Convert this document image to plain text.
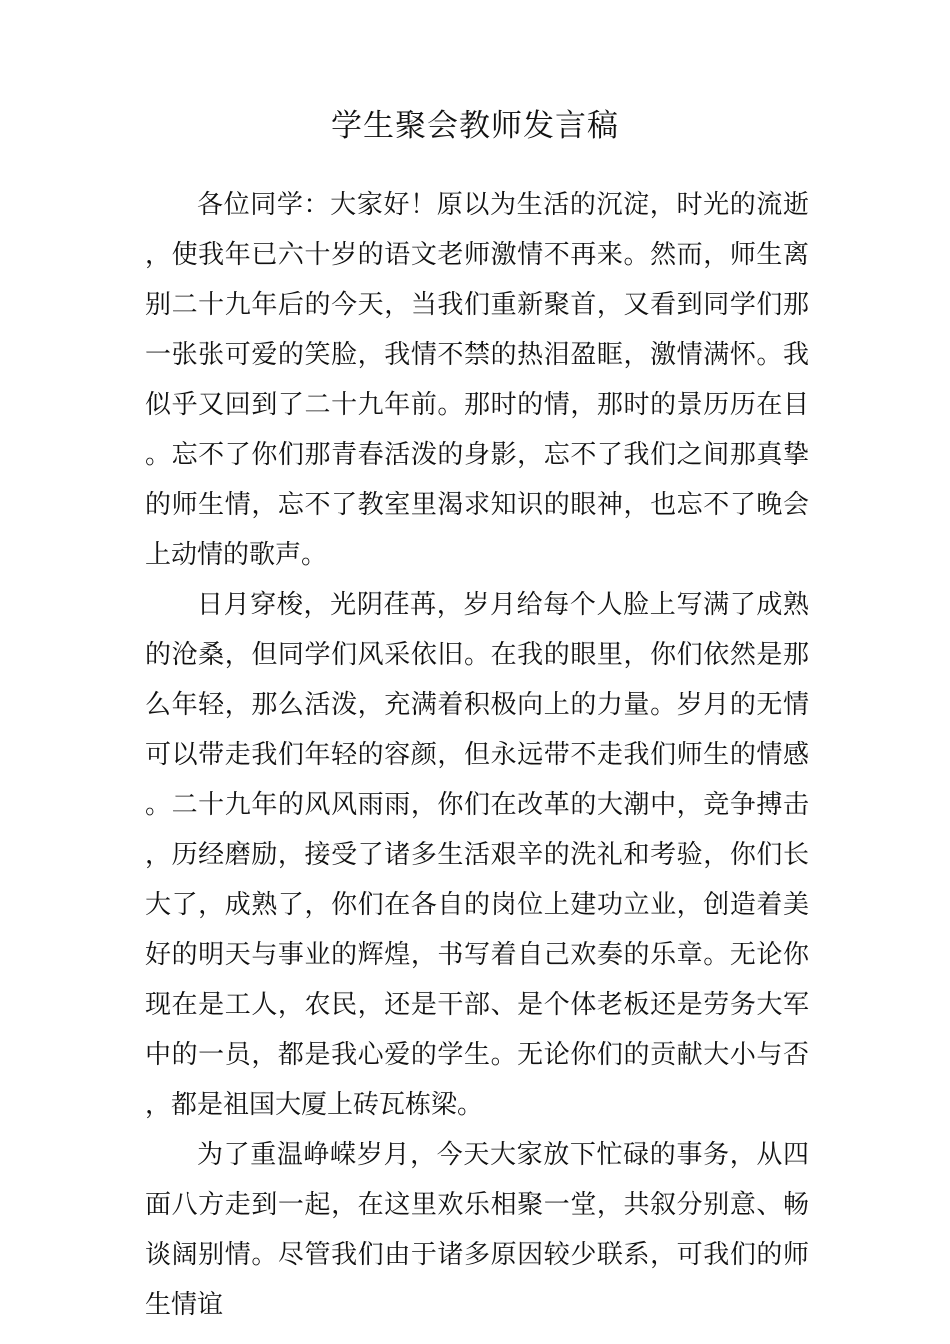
学生聚会教师发言稿

各位同学：大家好！原以为生活的沉淀，时光的流逝，使我年已六十岁的语文老师激情不再来。然而，师生离别二十九年后的今天，当我们重新聚首，又看到同学们那一张张可爱的笑脸，我情不禁的热泪盈眶，激情满怀。我似乎又回到了二十九年前。那时的情，那时的景历历在目。忘不了你们那青春活泼的身影，忘不了我们之间那真挚的师生情，忘不了教室里渴求知识的眼神，也忘不了晚会上动情的歌声。

日月穿梭，光阴荏苒，岁月给每个人脸上写满了成熟的沧桑，但同学们风采依旧。在我的眼里，你们依然是那么年轻，那么活泼，充满着积极向上的力量。岁月的无情可以带走我们年轻的容颜，但永远带不走我们师生的情感。二十九年的风风雨雨，你们在改革的大潮中，竞争搏击，历经磨励，接受了诸多生活艰辛的洗礼和考验，你们长大了，成熟了，你们在各自的岗位上建功立业，创造着美好的明天与事业的辉煌，书写着自己欢奏的乐章。无论你现在是工人，农民，还是干部、是个体老板还是劳务大军中的一员，都是我心爱的学生。无论你们的贡献大小与否，都是祖国大厦上砖瓦栋梁。

为了重温峥嵘岁月，今天大家放下忙碌的事务，从四面八方走到一起，在这里欢乐相聚一堂，共叙分别意、畅谈阔别情。尽管我们由于诸多原因较少联系，可我们的师生情谊
